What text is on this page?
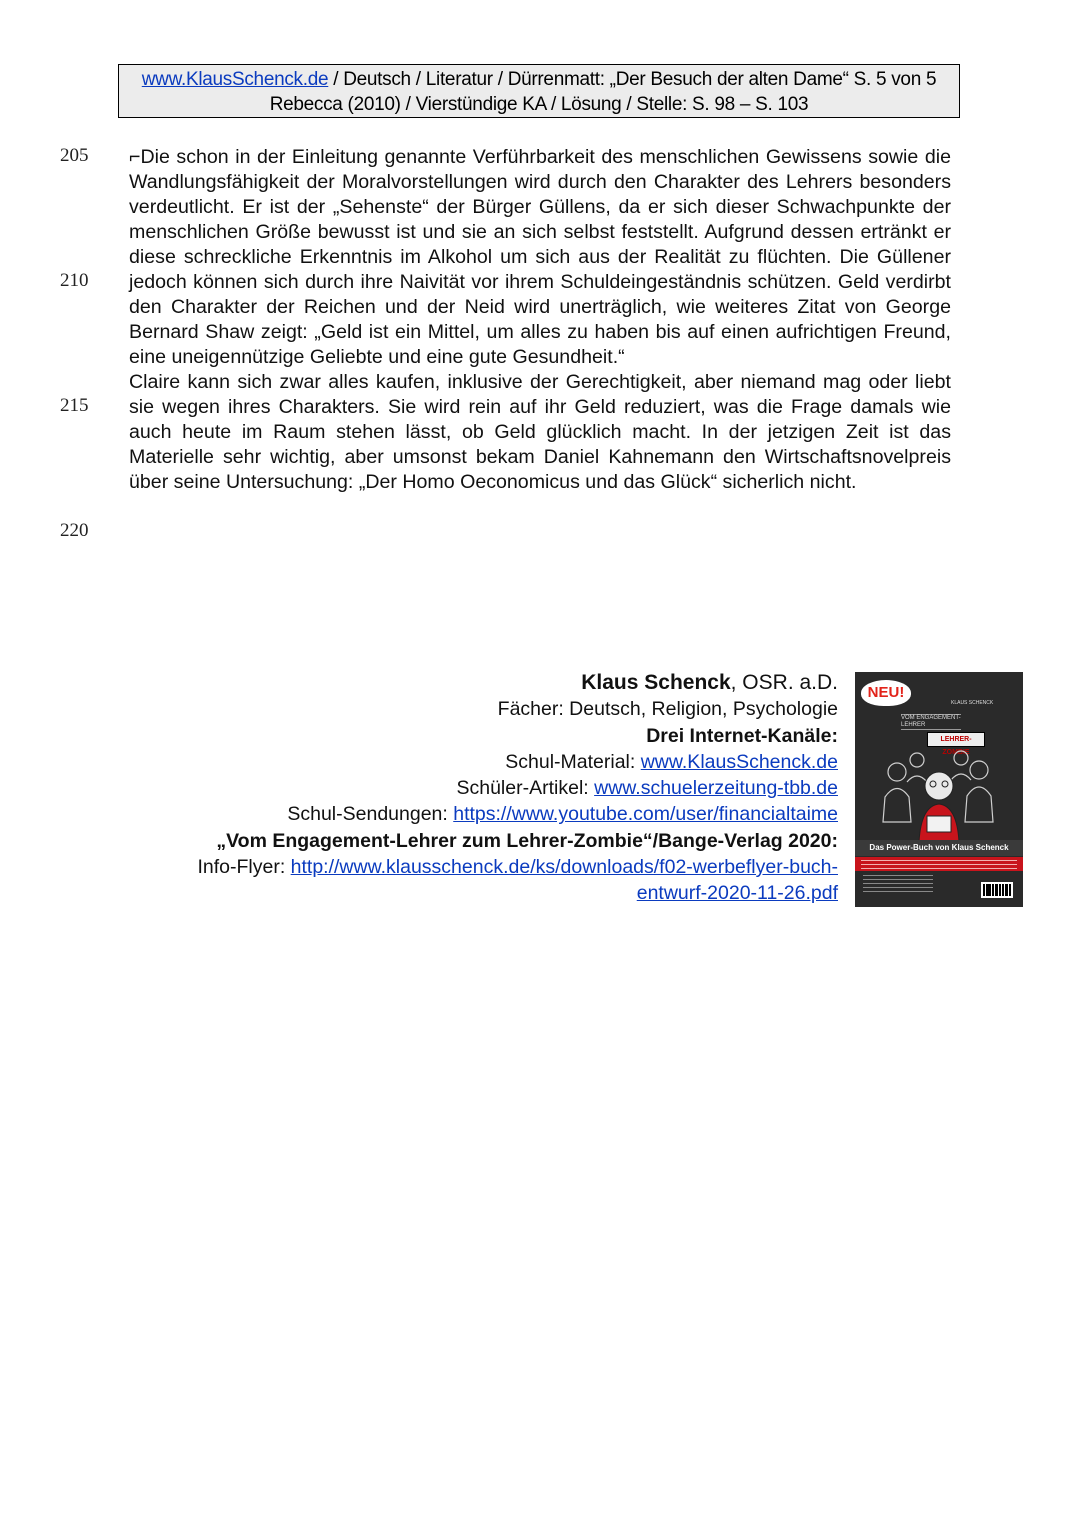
www.KlausSchenck.de / Deutsch / Literatur / Dürrenmatt: „Der Besuch der alten Dame“ S. 5 von 5
Rebecca (2010) / Vierstündige KA / Lösung / Stelle: S. 98 – S. 103
205
210
215
220

⌐Die schon in der Einleitung genannte Verführbarkeit des menschlichen Gewissens sowie die Wandlungsfähigkeit der Moralvorstellungen wird durch den Charakter des Lehrers besonders verdeutlicht. Er ist der „Sehenste“ der Bürger Güllens, da er sich dieser Schwachpunkte der menschlichen Größe bewusst ist und sie an sich selbst feststellt. Aufgrund dessen ertränkt er diese schreckliche Erkenntnis im Alkohol um sich aus der Realität zu flüchten. Die Güllener jedoch können sich durch ihre Naivität vor ihrem Schuldeingeständnis schützen. Geld verdirbt den Charakter der Reichen und der Neid wird unerträglich, wie weiteres Zitat von George Bernard Shaw zeigt: „Geld ist ein Mittel, um alles zu haben bis auf einen aufrichtigen Freund, eine uneigennützige Geliebte und eine gute Gesundheit.“

Claire kann sich zwar alles kaufen, inklusive der Gerechtigkeit, aber niemand mag oder liebt sie wegen ihres Charakters. Sie wird rein auf ihr Geld reduziert, was die Frage damals wie auch heute im Raum stehen lässt, ob Geld glücklich macht. In der jetzigen Zeit ist das Materielle sehr wichtig, aber umsonst bekam Daniel Kahnemann den Wirtschaftsnovelpreis über seine Untersuchung: „Der Homo Oeconomicus und das Glück“ sicherlich nicht.

Klaus Schenck, OSR. a.D.
Fächer: Deutsch, Religion, Psychologie
Drei Internet-Kanäle:
Schul-Material: www.KlausSchenck.de
Schüler-Artikel: www.schuelerzeitung-tbb.de
Schul-Sendungen: https://www.youtube.com/user/financialtaime
„Vom Engagement-Lehrer zum Lehrer-Zombie“/Bange-Verlag 2020:
Info-Flyer: http://www.klausschenck.de/ks/downloads/f02-werbeflyer-buch-
entwurf-2020-11-26.pdf
NEU!
KLAUS SCHENCK
VOM ENGAGEMENT-LEHRER
LEHRER-ZOMBIE
Das Power-Buch von Klaus Schenck
